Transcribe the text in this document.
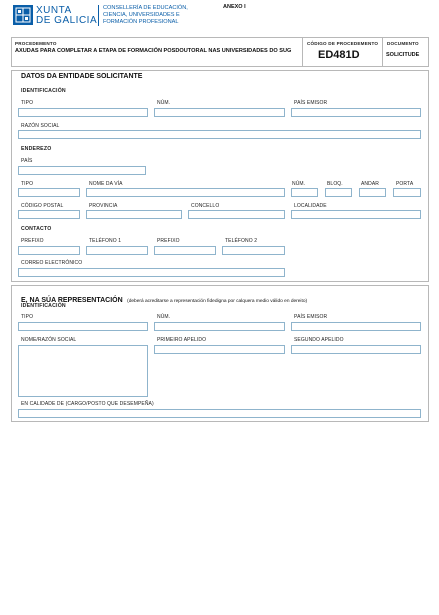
XUNTA
DE GALICIA
CONSELLERÍA DE EDUCACIÓN,
CIENCIA, UNIVERSIDADES E
FORMACIÓN PROFESIONAL
ANEXO I
PROCEDEMENTO
AXUDAS PARA COMPLETAR A ETAPA DE FORMACIÓN POSDOUTORAL NAS UNIVERSIDADES DO SUG
CÓDIGO DE PROCEDEMENTO
ED481D
DOCUMENTO
SOLICITUDE
DATOS DA ENTIDADE SOLICITANTE
IDENTIFICACIÓN
TIPO	NÚM.	PAÍS EMISOR
RAZÓN SOCIAL
ENDEREZO
PAÍS
TIPO	NOME DA VÍA	NÚM.	BLOQ.	ANDAR	PORTA
CÓDIGO POSTAL	PROVINCIA	CONCELLO	LOCALIDADE
CONTACTO
PREFIXO	TELÉFONO 1	PREFIXO	TELÉFONO 2
CORREO ELECTRÓNICO
E, NA SÚA REPRESENTACIÓN (deberá acreditarse a representación fidedigna por calquera medio válido en dereito)
IDENTIFICACIÓN
TIPO	NÚM.	PAÍS EMISOR
NOME/RAZÓN SOCIAL	PRIMEIRO APELIDO	SEGUNDO APELIDO
EN CALIDADE DE (CARGO/POSTO QUE DESEMPEÑA)
